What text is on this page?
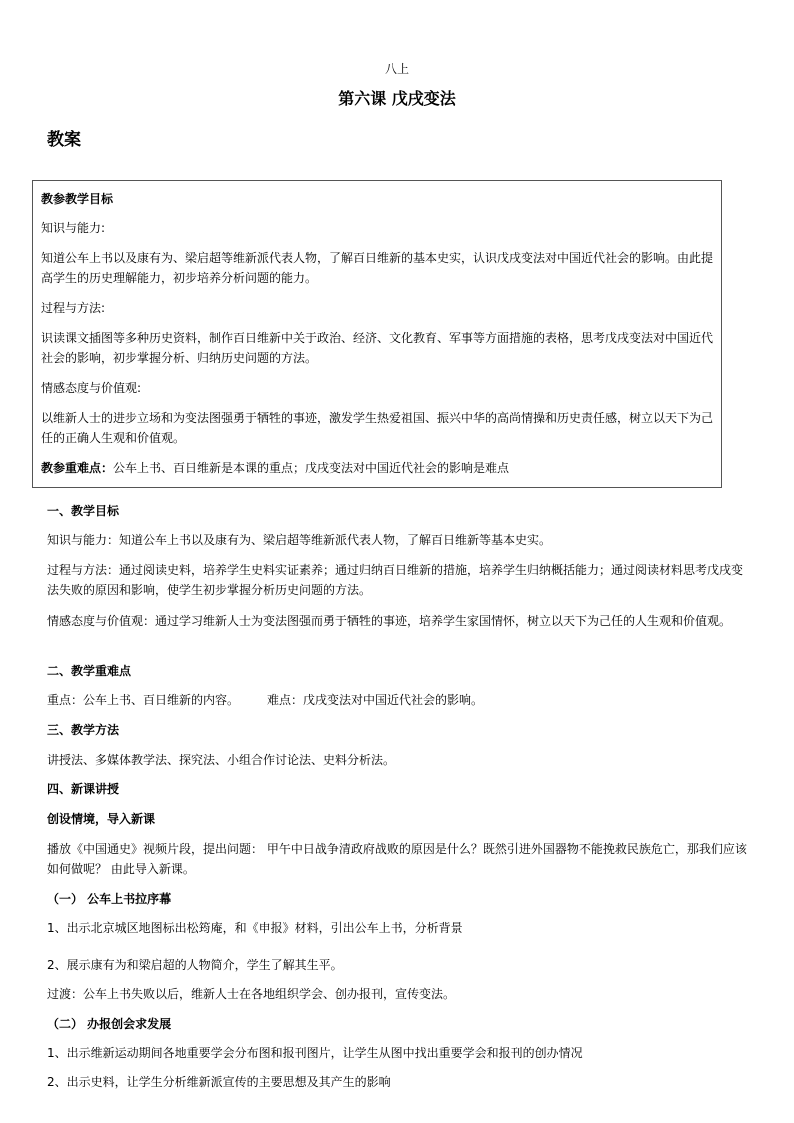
八上
第六课 戊戌变法
教案
教参教学目标
知识与能力:
知道公车上书以及康有为、梁启超等维新派代表人物，了解百日维新的基本史实，认识戊戌变法对中国近代社会的影响。由此提高学生的历史理解能力，初步培养分析问题的能力。
过程与方法:
识读课文插图等多种历史资料，制作百日维新中关于政治、经济、文化教育、军事等方面措施的表格，思考戊戌变法对中国近代社会的影响，初步掌握分析、归纳历史问题的方法。
情感态度与价值观:
以维新人士的进步立场和为变法图强勇于牺牲的事迹，激发学生热爱祖国、振兴中华的高尚情操和历史责任感，树立以天下为己任的正确人生观和价值观。
教参重难点：公车上书、百日维新是本课的重点；戊戌变法对中国近代社会的影响是难点
一、教学目标
知识与能力：知道公车上书以及康有为、梁启超等维新派代表人物，了解百日维新等基本史实。
过程与方法：通过阅读史料，培养学生史料实证素养；通过归纳百日维新的措施，培养学生归纳概括能力；通过阅读材料思考戊戌变法失败的原因和影响，使学生初步掌握分析历史问题的方法。
情感态度与价值观：通过学习维新人士为变法图强而勇于牺牲的事迹，培养学生家国情怀，树立以天下为己任的人生观和价值观。
二、教学重难点
重点：公车上书、百日维新的内容。 难点：戊戌变法对中国近代社会的影响。
三、教学方法
讲授法、多媒体教学法、探究法、小组合作讨论法、史料分析法。
四、新课讲授
创设情境，导入新课
播放《中国通史》视频片段，提出问题： 甲午中日战争清政府战败的原因是什么？既然引进外国器物不能挽救民族危亡，那我们应该如何做呢？ 由此导入新课。
（一） 公车上书拉序幕
1、出示北京城区地图标出松筠庵，和《申报》材料，引出公车上书，分析背景
2、展示康有为和梁启超的人物简介，学生了解其生平。
过渡：公车上书失败以后，维新人士在各地组织学会、创办报刊，宣传变法。
（二） 办报创会求发展
1、出示维新运动期间各地重要学会分布图和报刊图片，让学生从图中找出重要学会和报刊的创办情况
2、出示史料，让学生分析维新派宣传的主要思想及其产生的影响
